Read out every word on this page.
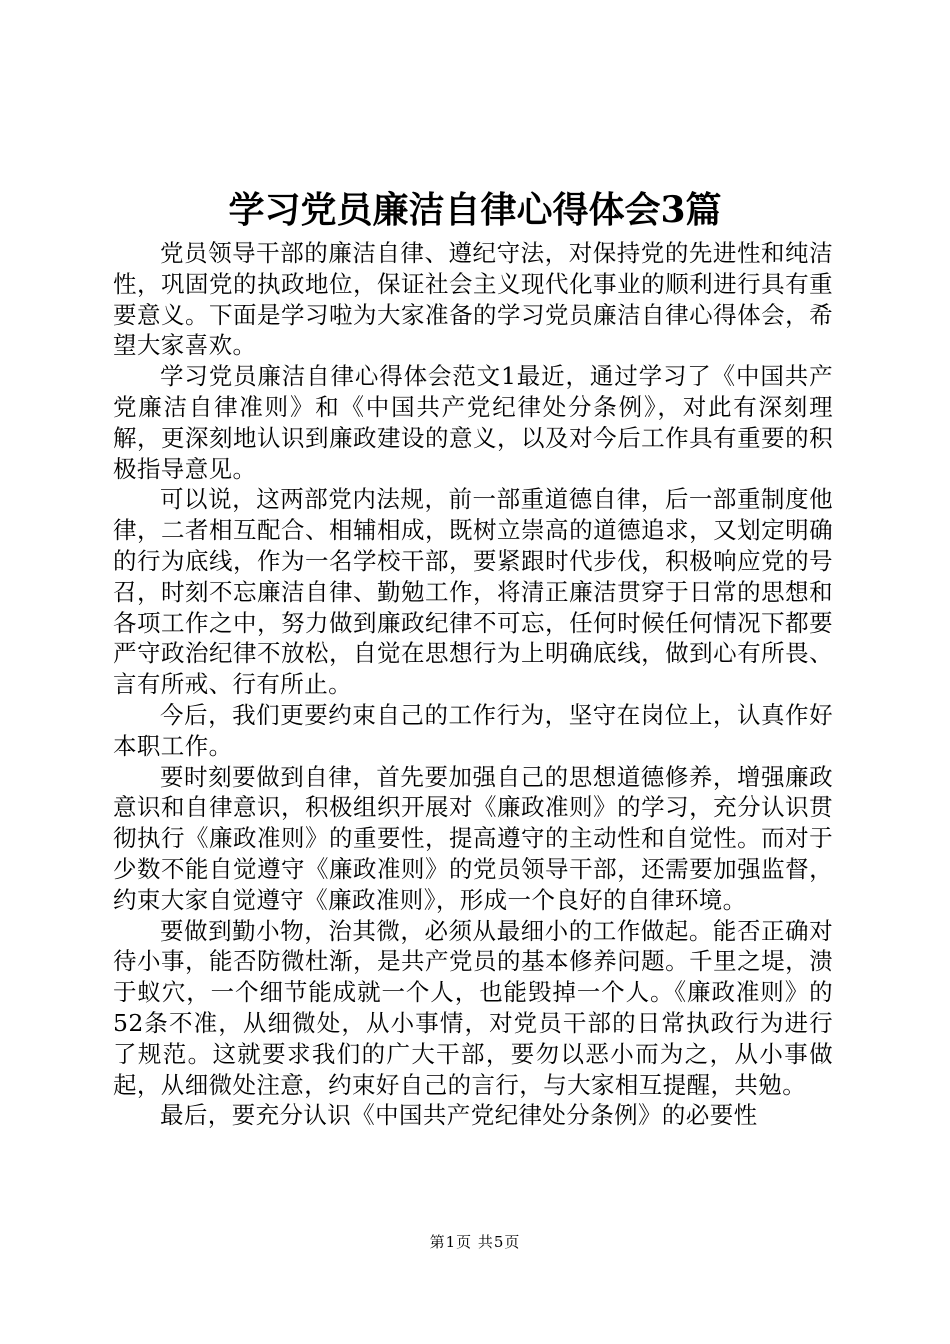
学习党员廉洁自律心得体会3篇

党员领导干部的廉洁自律、遵纪守法，对保持党的先进性和纯洁性，巩固党的执政地位，保证社会主义现代化事业的顺利进行具有重要意义。下面是学习啦为大家准备的学习党员廉洁自律心得体会，希望大家喜欢。

学习党员廉洁自律心得体会范文1最近，通过学习了《中国共产党廉洁自律准则》和《中国共产党纪律处分条例》，对此有深刻理解，更深刻地认识到廉政建设的意义，以及对今后工作具有重要的积极指导意见。

可以说，这两部党内法规，前一部重道德自律，后一部重制度他律，二者相互配合、相辅相成，既树立崇高的道德追求，又划定明确的行为底线，作为一名学校干部，要紧跟时代步伐，积极响应党的号召，时刻不忘廉洁自律、勤勉工作，将清正廉洁贯穿于日常的思想和各项工作之中，努力做到廉政纪律不可忘，任何时候任何情况下都要严守政治纪律不放松，自觉在思想行为上明确底线，做到心有所畏、言有所戒、行有所止。

今后，我们更要约束自己的工作行为，坚守在岗位上，认真作好本职工作。

要时刻要做到自律，首先要加强自己的思想道德修养，增强廉政意识和自律意识，积极组织开展对《廉政准则》的学习，充分认识贯彻执行《廉政准则》的重要性，提高遵守的主动性和自觉性。而对于少数不能自觉遵守《廉政准则》的党员领导干部，还需要加强监督，约束大家自觉遵守《廉政准则》，形成一个良好的自律环境。

要做到勤小物，治其微，必须从最细小的工作做起。能否正确对待小事，能否防微杜渐，是共产党员的基本修养问题。千里之堤，溃于蚁穴，一个细节能成就一个人，也能毁掉一个人。《廉政准则》的52条不准，从细微处，从小事情，对党员干部的日常执政行为进行了规范。这就要求我们的广大干部，要勿以恶小而为之，从小事做起，从细微处注意，约束好自己的言行，与大家相互提醒，共勉。

最后，要充分认识《中国共产党纪律处分条例》的必要性

第1页 共5页
